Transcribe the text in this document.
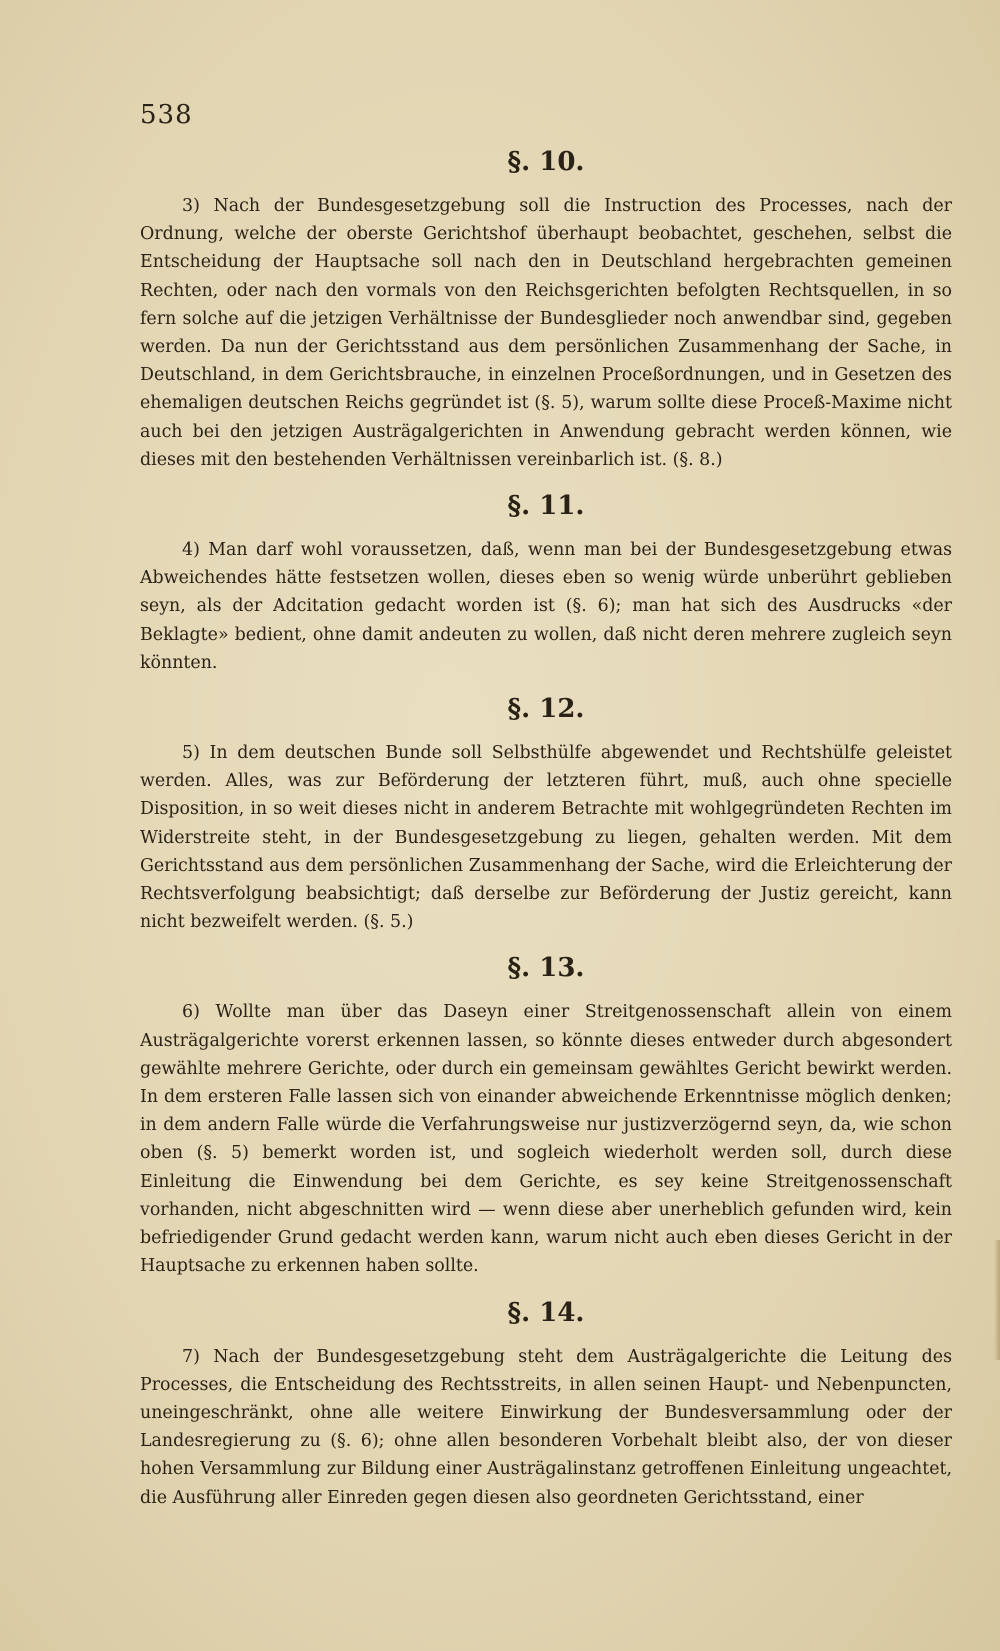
538
§. 10.

3) Nach der Bundesgesetzgebung soll die Instruction des Processes, nach der Ordnung, welche der oberste Gerichtshof überhaupt beobachtet, geschehen, selbst die Entscheidung der Hauptsache soll nach den in Deutschland hergebrachten gemeinen Rechten, oder nach den vormals von den Reichsgerichten befolgten Rechtsquellen, in so fern solche auf die jetzigen Verhältnisse der Bundesglieder noch anwendbar sind, gegeben werden. Da nun der Gerichtsstand aus dem persönlichen Zusammenhang der Sache, in Deutschland, in dem Gerichtsbrauche, in einzelnen Proceßordnungen, und in Gesetzen des ehemaligen deutschen Reichs gegründet ist (§. 5), warum sollte diese Proceß-Maxime nicht auch bei den jetzigen Austrägalgerichten in Anwendung gebracht werden können, wie dieses mit den bestehenden Verhältnissen vereinbarlich ist. (§. 8.)

§. 11.

4) Man darf wohl voraussetzen, daß, wenn man bei der Bundesgesetzgebung etwas Abweichendes hätte festsetzen wollen, dieses eben so wenig würde unberührt geblieben seyn, als der Adcitation gedacht worden ist (§. 6); man hat sich des Ausdrucks «der Beklagte» bedient, ohne damit andeuten zu wollen, daß nicht deren mehrere zugleich seyn könnten.

§. 12.

5) In dem deutschen Bunde soll Selbsthülfe abgewendet und Rechtshülfe geleistet werden. Alles, was zur Beförderung der letzteren führt, muß, auch ohne specielle Disposition, in so weit dieses nicht in anderem Betrachte mit wohlgegründeten Rechten im Widerstreite steht, in der Bundesgesetzgebung zu liegen, gehalten werden. Mit dem Gerichtsstand aus dem persönlichen Zusammenhang der Sache, wird die Erleichterung der Rechtsverfolgung beabsichtigt; daß derselbe zur Beförderung der Justiz gereicht, kann nicht bezweifelt werden. (§. 5.)

§. 13.

6) Wollte man über das Daseyn einer Streitgenossenschaft allein von einem Austrägalgerichte vorerst erkennen lassen, so könnte dieses entweder durch abgesondert gewählte mehrere Gerichte, oder durch ein gemeinsam gewähltes Gericht bewirkt werden. In dem ersteren Falle lassen sich von einander abweichende Erkenntnisse möglich denken; in dem andern Falle würde die Verfahrungsweise nur justizverzögernd seyn, da, wie schon oben (§. 5) bemerkt worden ist, und sogleich wiederholt werden soll, durch diese Einleitung die Einwendung bei dem Gerichte, es sey keine Streitgenossenschaft vorhanden, nicht abgeschnitten wird — wenn diese aber unerheblich gefunden wird, kein befriedigender Grund gedacht werden kann, warum nicht auch eben dieses Gericht in der Hauptsache zu erkennen haben sollte.

§. 14.

7) Nach der Bundesgesetzgebung steht dem Austrägalgerichte die Leitung des Processes, die Entscheidung des Rechtsstreits, in allen seinen Haupt- und Nebenpuncten, uneingeschränkt, ohne alle weitere Einwirkung der Bundesversammlung oder der Landesregierung zu (§. 6); ohne allen besonderen Vorbehalt bleibt also, der von dieser hohen Versammlung zur Bildung einer Austrägalinstanz getroffenen Einleitung ungeachtet, die Ausführung aller Einreden gegen diesen also geordneten Gerichtsstand, einer
